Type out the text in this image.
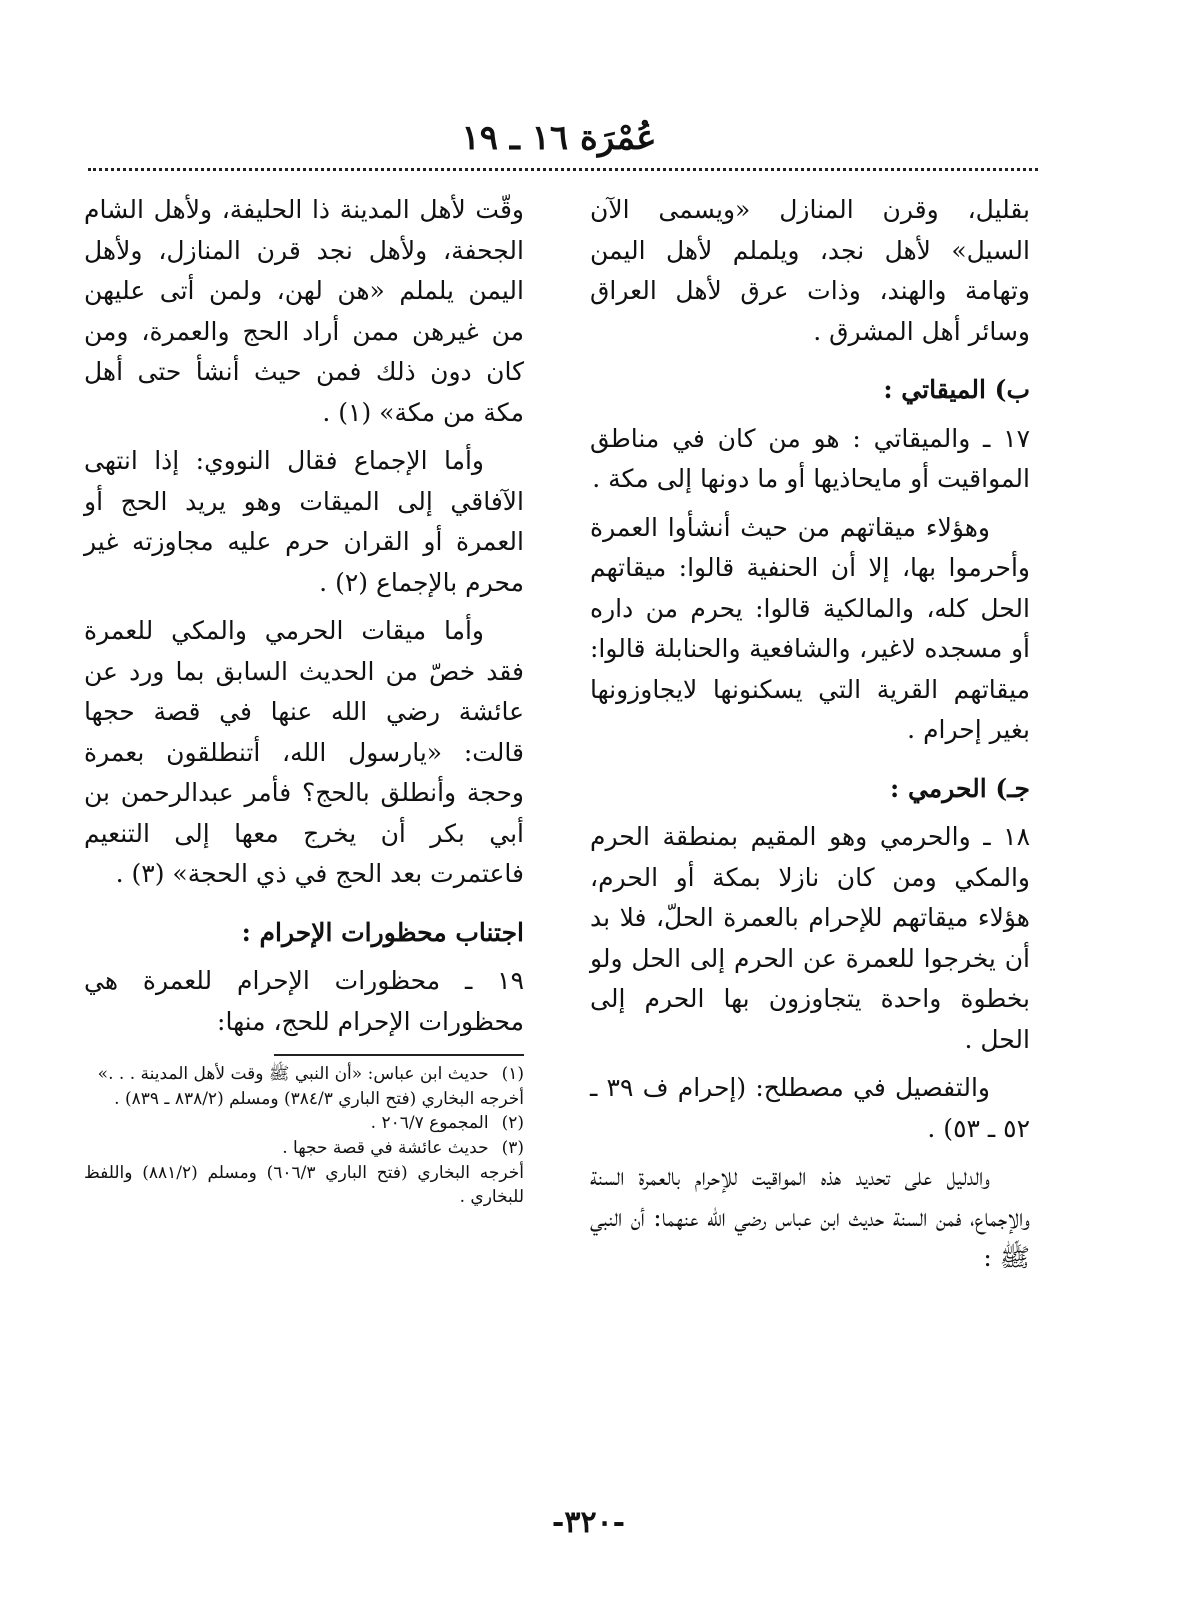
عُمْرَة ١٦ ـ ١٩

بقليل، وقرن المنازل «ويسمى الآن السيل» لأهل نجد، ويلملم لأهل اليمن وتهامة والهند، وذات عرق لأهل العراق وسائر أهل المشرق .

ب) الميقاتي :

١٧ ـ والميقاتي : هو من كان في مناطق المواقيت أو مايحاذيها أو ما دونها إلى مكة .

وهؤلاء ميقاتهم من حيث أنشأوا العمرة وأحرموا بها، إلا أن الحنفية قالوا: ميقاتهم الحل كله، والمالكية قالوا: يحرم من داره أو مسجده لاغير، والشافعية والحنابلة قالوا: ميقاتهم القرية التي يسكنونها لايجاوزونها بغير إحرام .

جـ) الحرمي :

١٨ ـ والحرمي وهو المقيم بمنطقة الحرم والمكي ومن كان نازلا بمكة أو الحرم، هؤلاء ميقاتهم للإحرام بالعمرة الحلّ، فلا بد أن يخرجوا للعمرة عن الحرم إلى الحل ولو بخطوة واحدة يتجاوزون بها الحرم إلى الحل .

والتفصيل في مصطلح: (إحرام ف ٣٩ ـ ٥٢ ـ ٥٣) .

والدليل على تحديد هذه المواقيت للإحرام بالعمرة السنة والإجماع، فمن السنة حديث ابن عباس رضي الله عنهما: أن النبي ﷺ :

وقّت لأهل المدينة ذا الحليفة، ولأهل الشام الجحفة، ولأهل نجد قرن المنازل، ولأهل اليمن يلملم «هن لهن، ولمن أتى عليهن من غيرهن ممن أراد الحج والعمرة، ومن كان دون ذلك فمن حيث أنشأ حتى أهل مكة من مكة» (١) .

وأما الإجماع فقال النووي: إذا انتهى الآفاقي إلى الميقات وهو يريد الحج أو العمرة أو القران حرم عليه مجاوزته غير محرم بالإجماع (٢) .

وأما ميقات الحرمي والمكي للعمرة فقد خصّ من الحديث السابق بما ورد عن عائشة رضي الله عنها في قصة حجها قالت: «يارسول الله، أتنطلقون بعمرة وحجة وأنطلق بالحج؟ فأمر عبدالرحمن بن أبي بكر أن يخرج معها إلى التنعيم فاعتمرت بعد الحج في ذي الحجة» (٣) .

اجتناب محظورات الإحرام :

١٩ ـ محظورات الإحرام للعمرة هي محظورات الإحرام للحج، منها:

(١) حديث ابن عباس: «أن النبي ﷺ وقت لأهل المدينة . . .»
أخرجه البخاري (فتح الباري ٣٨٤/٣) ومسلم (٨٣٨/٢ ـ ٨٣٩) .
(٢) المجموع ٢٠٦/٧ .
(٣) حديث عائشة في قصة حجها .
أخرجه البخاري (فتح الباري ٦٠٦/٣) ومسلم (٨٨١/٢) واللفظ للبخاري .
-٣٢٠-
